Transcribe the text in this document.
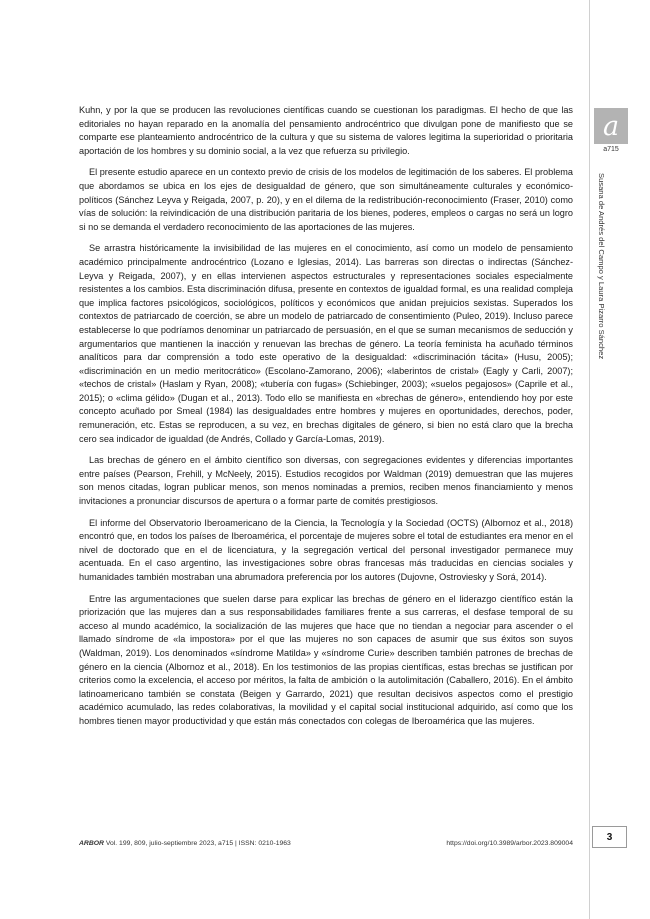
Kuhn, y por la que se producen las revoluciones científicas cuando se cuestionan los paradigmas. El hecho de que las editoriales no hayan reparado en la anomalía del pensamiento androcéntrico que divulgan pone de manifiesto que se comparte ese planteamiento androcéntrico de la cultura y que su sistema de valores legitima la superioridad o prioritaria aportación de los hombres y su dominio social, a la vez que refuerza su privilegio.

El presente estudio aparece en un contexto previo de crisis de los modelos de legitimación de los saberes. El problema que abordamos se ubica en los ejes de desigualdad de género, que son simultáneamente culturales y económico-políticos (Sánchez Leyva y Reigada, 2007, p. 20), y en el dilema de la redistribución-reconocimiento (Fraser, 2010) como vías de solución: la reivindicación de una distribución paritaria de los bienes, poderes, empleos o cargas no será un logro si no se demanda el verdadero reconocimiento de las aportaciones de las mujeres.

Se arrastra históricamente la invisibilidad de las mujeres en el conocimiento, así como un modelo de pensamiento académico principalmente androcéntrico (Lozano e Iglesias, 2014). Las barreras son directas o indirectas (Sánchez-Leyva y Reigada, 2007), y en ellas intervienen aspectos estructurales y representaciones sociales especialmente resistentes a los cambios. Esta discriminación difusa, presente en contextos de igualdad formal, es una realidad compleja que implica factores psicológicos, sociológicos, políticos y económicos que anidan prejuicios sexistas. Superados los contextos de patriarcado de coerción, se abre un modelo de patriarcado de consentimiento (Puleo, 2019). Incluso parece establecerse lo que podríamos denominar un patriarcado de persuasión, en el que se suman mecanismos de seducción y argumentarios que mantienen la inacción y renuevan las brechas de género. La teoría feminista ha acuñado términos analíticos para dar comprensión a todo este operativo de la desigualdad: «discriminación tácita» (Husu, 2005); «discriminación en un medio meritocrático» (Escolano-Zamorano, 2006); «laberintos de cristal» (Eagly y Carli, 2007); «techos de cristal» (Haslam y Ryan, 2008); «tubería con fugas» (Schiebinger, 2003); «suelos pegajosos» (Caprile et al., 2015); o «clima gélido» (Dugan et al., 2013). Todo ello se manifiesta en «brechas de género», entendiendo hoy por este concepto acuñado por Smeal (1984) las desigualdades entre hombres y mujeres en oportunidades, derechos, poder, remuneración, etc. Estas se reproducen, a su vez, en brechas digitales de género, si bien no está claro que la brecha cero sea indicador de igualdad (de Andrés, Collado y García-Lomas, 2019).

Las brechas de género en el ámbito científico son diversas, con segregaciones evidentes y diferencias importantes entre países (Pearson, Frehill, y McNeely, 2015). Estudios recogidos por Waldman (2019) demuestran que las mujeres son menos citadas, logran publicar menos, son menos nominadas a premios, reciben menos financiamiento y menos invitaciones a pronunciar discursos de apertura o a formar parte de comités prestigiosos.

El informe del Observatorio Iberoamericano de la Ciencia, la Tecnología y la Sociedad (OCTS) (Albornoz et al., 2018) encontró que, en todos los países de Iberoamérica, el porcentaje de mujeres sobre el total de estudiantes era menor en el nivel de doctorado que en el de licenciatura, y la segregación vertical del personal investigador permanece muy acentuada. En el caso argentino, las investigaciones sobre obras francesas más traducidas en ciencias sociales y humanidades también mostraban una abrumadora preferencia por los autores (Dujovne, Ostroviesky y Sorá, 2014).

Entre las argumentaciones que suelen darse para explicar las brechas de género en el liderazgo científico están la priorización que las mujeres dan a sus responsabilidades familiares frente a sus carreras, el desfase temporal de su acceso al mundo académico, la socialización de las mujeres que hace que no tiendan a negociar para ascender o el llamado síndrome de «la impostora» por el que las mujeres no son capaces de asumir que sus éxitos son suyos (Waldman, 2019). Los denominados «síndrome Matilda» y «síndrome Curie» describen también patrones de brechas de género en la ciencia (Albornoz et al., 2018). En los testimonios de las propias científicas, estas brechas se justifican por criterios como la excelencia, el acceso por méritos, la falta de ambición o la autolimitación (Caballero, 2016). En el ámbito latinoamericano también se constata (Beigen y Garrardo, 2021) que resultan decisivos aspectos como el prestigio académico acumulado, las redes colaborativas, la movilidad y el capital social institucional adquirido, así como que los hombres tienen mayor productividad y que están más conectados con colegas de Iberoamérica que las mujeres.

a
a715
Susana de Andrés del Campo y Laura Pizarro Sánchez
ARBOR Vol. 199, 809, julio-septiembre 2023, a715 | ISSN: 0210-1963	https://doi.org/10.3989/arbor.2023.809004
3
